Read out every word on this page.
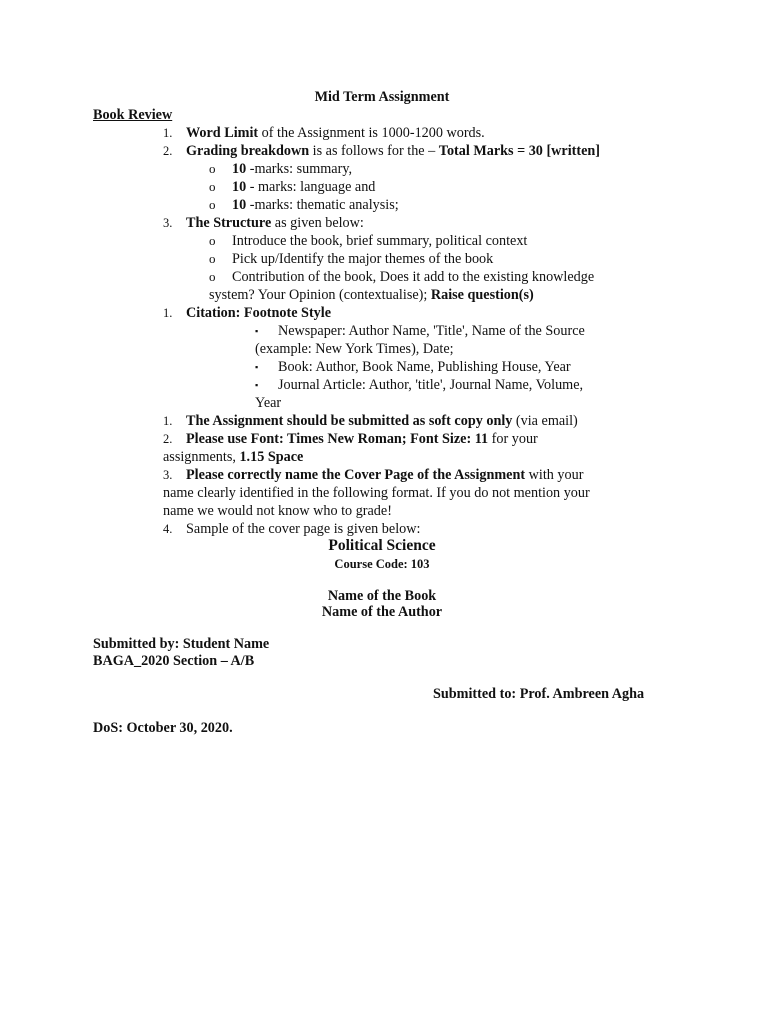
Mid Term Assignment
Book Review
1. Word Limit of the Assignment is 1000-1200 words.
2. Grading breakdown is as follows for the – Total Marks = 30 [written]
o 10 -marks: summary,
o 10 - marks: language and
o 10 -marks: thematic analysis;
3. The Structure as given below:
o Introduce the book, brief summary, political context
o Pick up/Identify the major themes of the book
o Contribution of the book, Does it add to the existing knowledge
system? Your Opinion (contextualise); Raise question(s)
1. Citation: Footnote Style
▪ Newspaper: Author Name, 'Title', Name of the Source
(example: New York Times), Date;
▪ Book: Author, Book Name, Publishing House, Year
▪ Journal Article: Author, 'title', Journal Name, Volume,
Year
1. The Assignment should be submitted as soft copy only (via email)
2. Please use Font: Times New Roman; Font Size: 11 for your
assignments, 1.15 Space
3. Please correctly name the Cover Page of the Assignment with your
name clearly identified in the following format. If you do not mention your
name we would not know who to grade!
4. Sample of the cover page is given below:
Political Science
Course Code: 103
Name of the Book
Name of the Author
Submitted by: Student Name
BAGA_2020 Section – A/B
Submitted to: Prof. Ambreen Agha
DoS: October 30, 2020.
